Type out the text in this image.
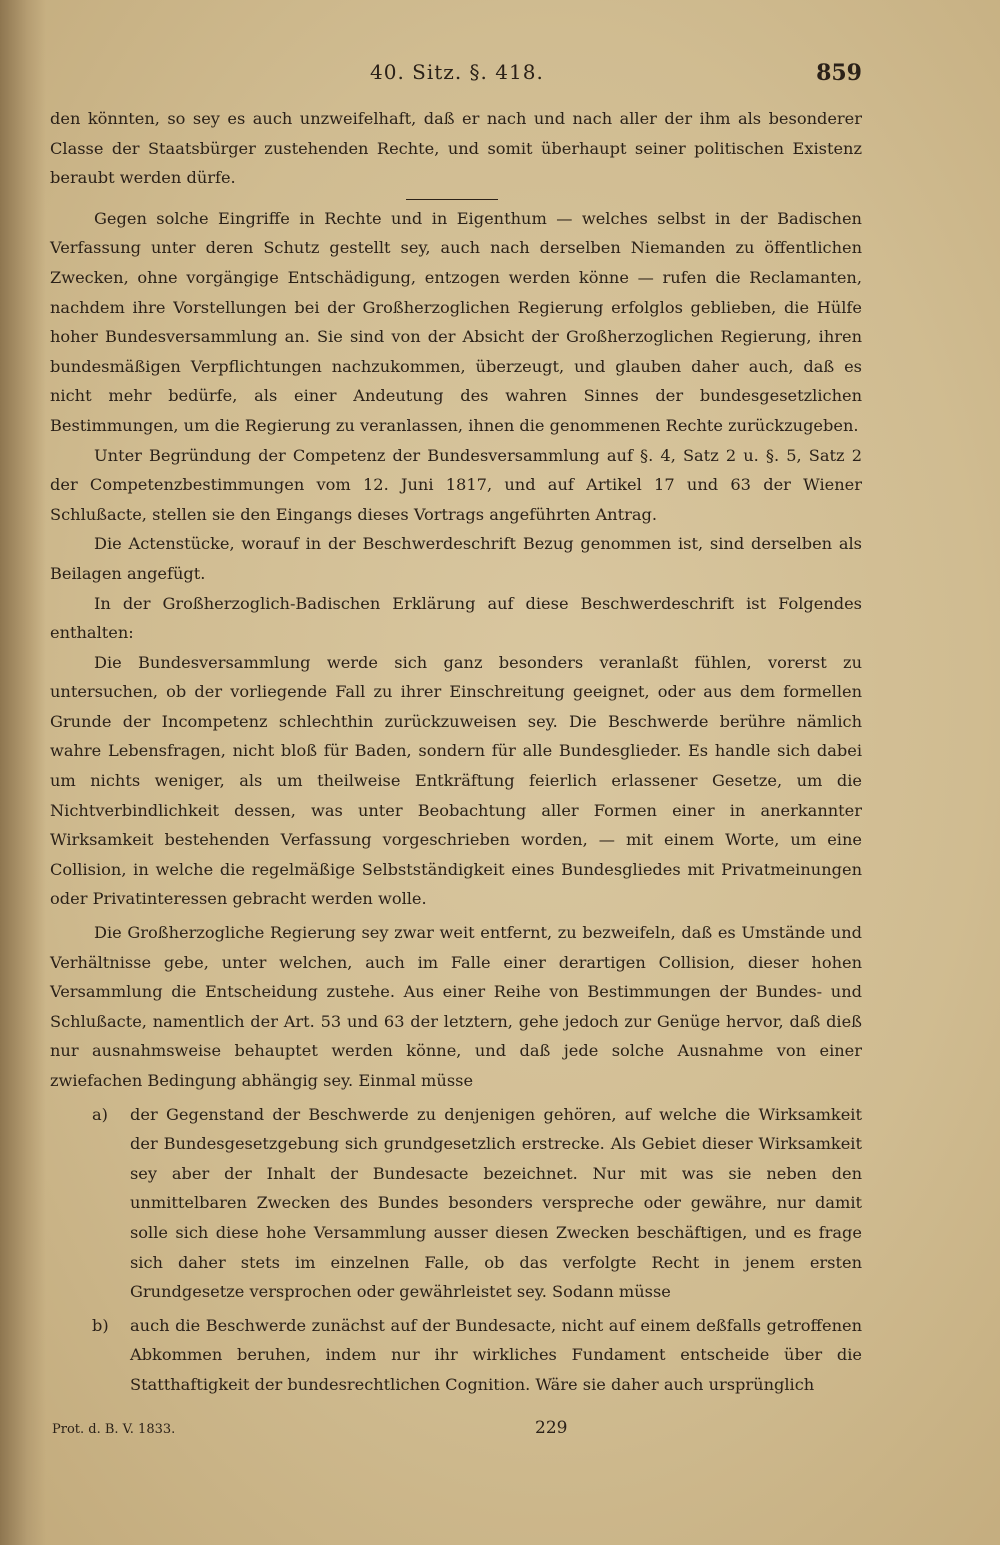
40. Sitz. §. 418.	859

den könnten, so sey es auch unzweifelhaft, daß er nach und nach aller der ihm als besonderer Classe der Staatsbürger zustehenden Rechte, und somit überhaupt seiner politischen Existenz beraubt werden dürfe.

Gegen solche Eingriffe in Rechte und in Eigenthum — welches selbst in der Badischen Verfassung unter deren Schutz gestellt sey, auch nach derselben Niemanden zu öffentlichen Zwecken, ohne vorgängige Entschädigung, entzogen werden könne — rufen die Reclamanten, nachdem ihre Vorstellungen bei der Großherzoglichen Regierung erfolglos geblieben, die Hülfe hoher Bundesversammlung an. Sie sind von der Absicht der Großherzoglichen Regierung, ihren bundesmäßigen Verpflichtungen nachzukommen, überzeugt, und glauben daher auch, daß es nicht mehr bedürfe, als einer Andeutung des wahren Sinnes der bundesgesetzlichen Bestimmungen, um die Regierung zu veranlassen, ihnen die genommenen Rechte zurückzugeben.

Unter Begründung der Competenz der Bundesversammlung auf §. 4, Satz 2 u. §. 5, Satz 2 der Competenzbestimmungen vom 12. Juni 1817, und auf Artikel 17 und 63 der Wiener Schlußacte, stellen sie den Eingangs dieses Vortrags angeführten Antrag.

Die Actenstücke, worauf in der Beschwerdeschrift Bezug genommen ist, sind derselben als Beilagen angefügt.

In der Großherzoglich-Badischen Erklärung auf diese Beschwerdeschrift ist Folgendes enthalten:

Die Bundesversammlung werde sich ganz besonders veranlaßt fühlen, vorerst zu untersuchen, ob der vorliegende Fall zu ihrer Einschreitung geeignet, oder aus dem formellen Grunde der Incompetenz schlechthin zurückzuweisen sey. Die Beschwerde berühre nämlich wahre Lebensfragen, nicht bloß für Baden, sondern für alle Bundesglieder. Es handle sich dabei um nichts weniger, als um theilweise Entkräftung feierlich erlassener Gesetze, um die Nichtverbindlichkeit dessen, was unter Beobachtung aller Formen einer in anerkannter Wirksamkeit bestehenden Verfassung vorgeschrieben worden, — mit einem Worte, um eine Collision, in welche die regelmäßige Selbstständigkeit eines Bundesgliedes mit Privatmeinungen oder Privatinteressen gebracht werden wolle.

Die Großherzogliche Regierung sey zwar weit entfernt, zu bezweifeln, daß es Umstände und Verhältnisse gebe, unter welchen, auch im Falle einer derartigen Collision, dieser hohen Versammlung die Entscheidung zustehe. Aus einer Reihe von Bestimmungen der Bundes- und Schlußacte, namentlich der Art. 53 und 63 der letztern, gehe jedoch zur Genüge hervor, daß dieß nur ausnahmsweise behauptet werden könne, und daß jede solche Ausnahme von einer zwiefachen Bedingung abhängig sey. Einmal müsse

a) der Gegenstand der Beschwerde zu denjenigen gehören, auf welche die Wirksamkeit der Bundesgesetzgebung sich grundgesetzlich erstrecke. Als Gebiet dieser Wirksamkeit sey aber der Inhalt der Bundesacte bezeichnet. Nur mit was sie neben den unmittelbaren Zwecken des Bundes besonders verspreche oder gewähre, nur damit solle sich diese hohe Versammlung ausser diesen Zwecken beschäftigen, und es frage sich daher stets im einzelnen Falle, ob das verfolgte Recht in jenem ersten Grundgesetze versprochen oder gewährleistet sey. Sodann müsse

b) auch die Beschwerde zunächst auf der Bundesacte, nicht auf einem deßfalls getroffenen Abkommen beruhen, indem nur ihr wirkliches Fundament entscheide über die Statthaftigkeit der bundesrechtlichen Cognition. Wäre sie daher auch ursprünglich

Prot. d. B. V. 1833.	229
